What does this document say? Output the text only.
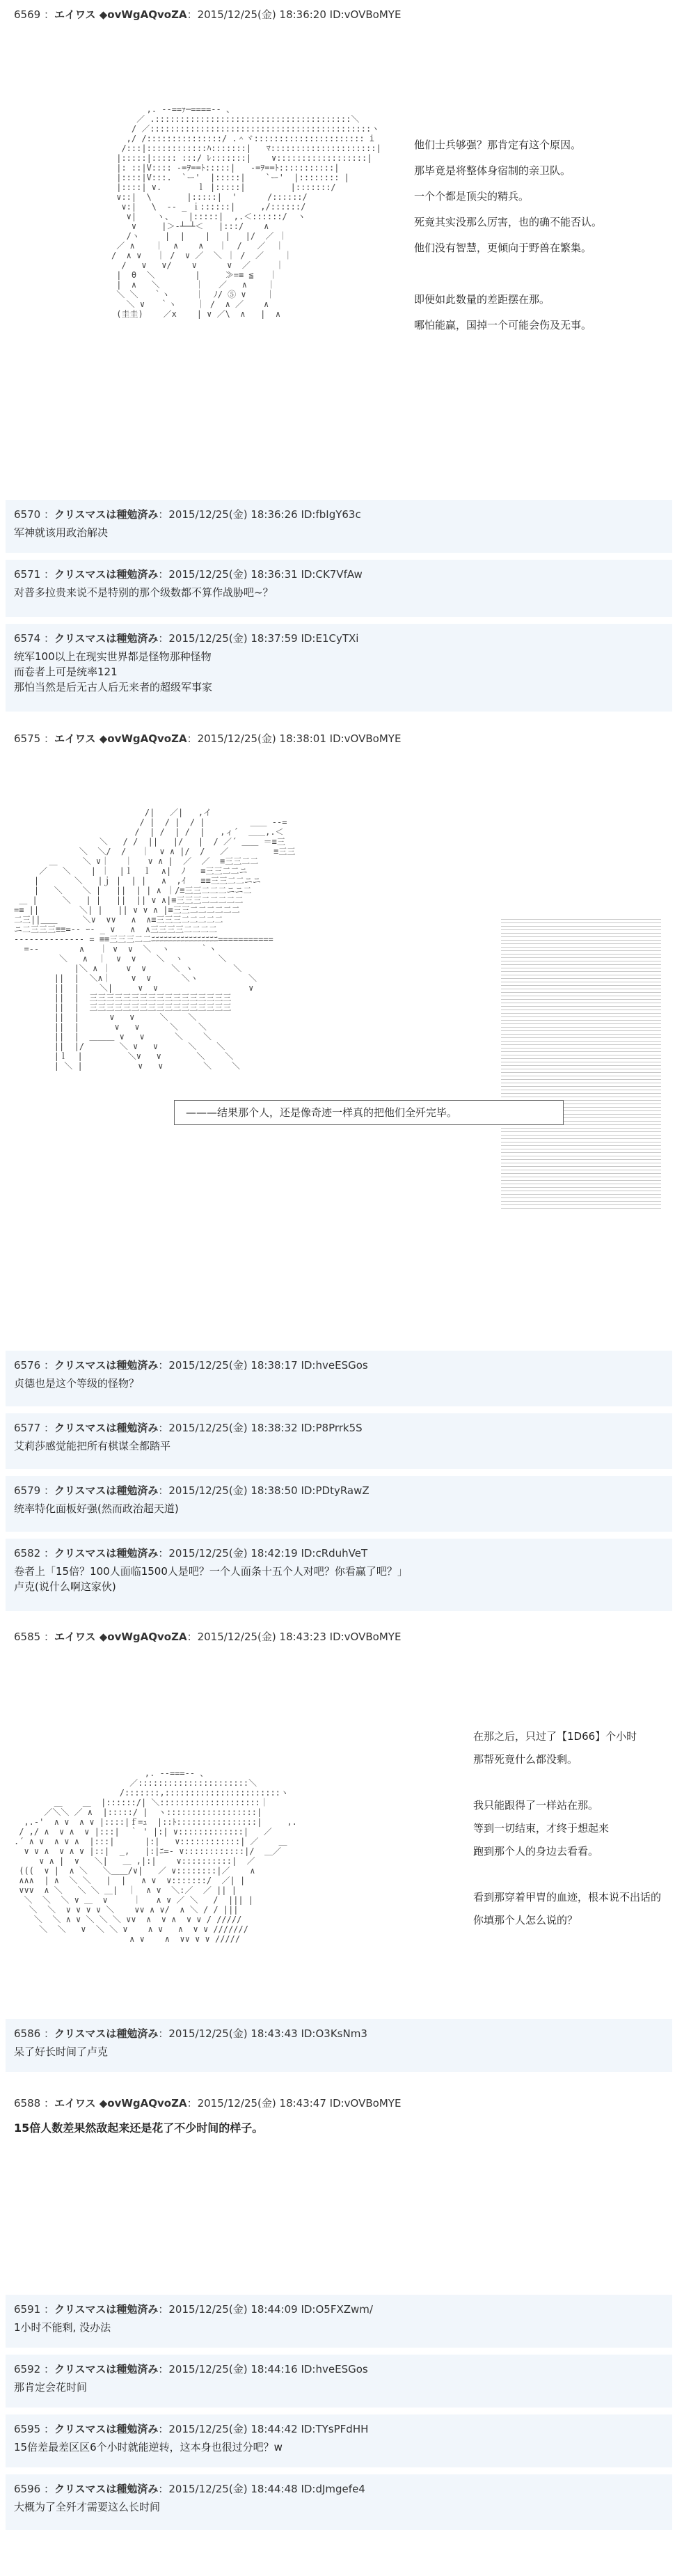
6569 ：エイワス ◆ovWgAQvoZA：2015/12/25(金) 18:36:20 ID:vOVBoMYE
,. -‐==ｧ─====‐- 、
／ .:::::::::::::::::::::::::::::::::::::::＼
/ ／::::::::::::::::::::::::::::::::::::::::::::ヽ
,/ /:::::::::::::::/ .＾ヾ:::::::::::::::::::::: i
/:::|::::::::::::ﾊ:::::::|   ﾏ:::::::::::::::::::::|
|:::::|::::: :::/ ﾚ:::::::|    ∨::::::::::::::::::|
|: ::|V:::: -=ｦ==ﾄ:::::|   -=ｦ==ﾄ:::::::::::|
|::::|V:::.  `ー'  |:::::|    `ー'  |:::::::: |
|::::| ∨.       ｌ |:::::|         |:::::::/
∨::|  \       |:::::|  '      /::::::/
∨:|   \  ‐- _ ｉ::::::|     ,/::::::/
∨|    ヽ、   |:::::|  ,.＜::::::/  ヽ
∨     |＞‐┴─┴＜   |:::/    ∧
/ヽ     |  |    |   |   |/  ／ ｜
／ ∧    ｜  ∧    ∧   ｜  /   ／  ｜
/  ∧ ∨   ｜ /  ∨ ／  ＼ ｜ /  ／    ｜
/   ∨   ∨/    ∨      ∨  ／     ｜
|  θ  ＼        |     ≫=≡ ≦   ｜
|  ∧   ＼       ｜   ／   ∧    ｜
＼ ＼   ｀ヽ     ｜  ﾉ/ ⑤ ∨    ｜
＼ ∨   ｀ヽ    ｜ /  ∧ ／    ∧
(圭圭)    ／x    | ∨ ／\  ∧   |  ∧
他们士兵够强？那肯定有这个原因。
那毕竟是将整体身宿制的亲卫队。
一个个都是顶尖的精兵。
死竟其实没那么厉害，也的确不能否认。
他们没有智慧，更倾向于野兽在繁集。

即便如此数量的差距摆在那。
哪怕能赢，国掉一个可能会伤及无事。
6570 ：クリスマスは種勉済み：2015/12/25(金) 18:36:26 ID:fbIgY63c
军神就该用政治解决
6571 ：クリスマスは種勉済み：2015/12/25(金) 18:36:31 ID:CK7VfAw
对普多拉贵来说不是特别的那个级数都不算作战胁吧~？
6574 ：クリスマスは種勉済み：2015/12/25(金) 18:37:59 ID:E1CyTXi
统军100以上在现实世界都是怪物那种怪物
而卷者上可是统率121
那怕当然是后无古人后无来者的超级军事家
6575 ：エイワス ◆ovWgAQvoZA：2015/12/25(金) 18:38:01 ID:vOVBoMYE
/|   ／|   ,イ
/ |  / |  / |         ＿＿ -‐=
/  | /  | /  |   ,ィ´  ＿＿,.＜
＼   / /  ||   |/   |  / ／´ ＿＿ ＝≡三
＼  ＼/  /   ｜  ∨ ∧ |/  /   ／         ≡三三
＿     ＼ ∨｜   ｜   ∨ ∧ |  ／  ／  ≡三三二二
／   ＼    | ｜  |ｌ  ｌ  ∧|  ﾉ   ≡三三二二ニ
|       ＼   |ｊ |  | |   ∧  ,ｲ   ≡≡三三二二ニニ
|   ＼    ＼ |   ||  | | ∧ ｜/≡三三二二二ニニ二
＿ |     ＼   | |   ||  || ∨ ∧|≡三三三二二二二二
=≡ ||        ＼| |   || ∨ ∨ ∧ |≡三三二二二二二二
二三||＿＿     ＼∨  ∨∨   ∧  ∧≡三三三二二二二二
ニ二三三三≡≡=-‐ ｰ- _ ∨   ∧  ∧三三三三二二二二
-------------- = ≡≡三三三二二ﾆﾆﾆﾆﾆﾆﾆﾆﾆﾆﾆﾆﾆﾆﾆﾆ===========
=-‐        ∧   ｜ ∨  ∨  ＼  ヽ      ｀ヽ
＼   ∧  ｜  ∨  ∨    ＼  ヽ       ＼
|＼ ∧ ｜   ∨  ∨     ＼ ヽ        ＼
||  |  ＼∧｜    ∨  ∨      ＼ヽ          ＼
||  |    ＼|     ∨  ∨                  ∨
||  |  三三三三三三三三三三三三三三三三三
||  |  三三三三三三三三三三三三三三三三三
||  |      ∨   ∨     ＼    ＼
||  |       ∨   ∨      ＼    ＼
||  |  ＿＿＿ ∨   ∨      ＼    ＼
||  |/       ＼ ∨   ∨      ＼    ＼
|ｌ  |         ＼∨   ∨       ＼    ＼
| ＼ |           ∨   ∨        ＼    ＼
———结果那个人，还是像奇迹一样真的把他们全歼完毕。
6576 ：クリスマスは種勉済み：2015/12/25(金) 18:38:17 ID:hveESGos
贞德也是这个等级的怪物？
6577 ：クリスマスは種勉済み：2015/12/25(金) 18:38:32 ID:P8Prrk5S
艾莉莎感觉能把所有棋谋全都踏平
6579 ：クリスマスは種勉済み：2015/12/25(金) 18:38:50 ID:PDtyRawZ
统率特化面板好强(然而政治超天道)
6582 ：クリスマスは種勉済み：2015/12/25(金) 18:42:19 ID:cRduhVeT
卷者上「15倍？100人面临1500人是吧？一个人面条十五个人对吧？你看赢了吧？」
卢克(说什么啊这家伙)
6585 ：エイワス ◆ovWgAQvoZA：2015/12/25(金) 18:43:23 ID:vOVBoMYE
,. -‐===‐- 、
／::::::::::::::::::::::＼
/:::::::,:::::::::::::::::::::::ヽ
＿    ＿  |::::::/| ＼::::::::::::::::::::｜
／＼＼ ／ ∧  |:::::/ |  ヽ::::::::::::::::::|
,.‐'  ∧ ∨  ∧ ∨ |::::|ｆ=ｭ  |::ﾄ::::::::::::::::|     ,.
/ ,/ ∧  ∨ ∧  ∨ |:::|  ｀ ' |:| ∨:::::::::::::|   ／
.´ ∧ ∨  ∧ ∨ ∧  |:::|      |:|   ∨::::::::::::| ／    ＿
∨ ∨ ∧  ∨ ∧ ∨ |::|  _,   |:|ﾆ=‐ ∨::::::::::::|/  ＿／
∨ ∧ |  ∨   ＼|   ＿ ,|:|    ∨::::::::::|  ／
(((  ∨ |  ∧ ＼   ＼＿＿/∨|   ／ ∨::::::::|／    ∧
∧∧∧  | ∧  ＼ ＼   |  |   ∧ ∨  ∨:::::::/  ／| |
∨∨∨  ∧ ＼   ＼ ＼ ＿|  ｜  ∧ ∨  ＼:／  ／ || |
＼  ＼  ＼ ∨ ＿  ∨     ｜   ∧ ∨ ／ ＼   /  ||| |
＼  ＼  ∨ ∨ ∨ ∨ ＼    ∨∨ ∧ ∨/  ∧ ＼ / / |||
＼  ＼ ∧ ∨ ＼ ＼ ＼ ∨∨  ∧  ∨ ∧  ∨ ∨ / /////
＼  ＼   ∨  ＼ ＼ ∨    ∧ ∨   ∧  ∨ ∨ ///////
∧ ∨    ∧  ∨∨ ∨ ∨ /////
在那之后，只过了【1D66】个小时
那帮死竟什么都没剩。

我只能跟得了一样站在那。
等到一切结束，才终于想起来
跑到那个人的身边去看看。

看到那穿着甲胄的血迹，根本说不出话的
你填那个人怎么说的？
6586 ：クリスマスは種勉済み：2015/12/25(金) 18:43:43 ID:O3KsNm3
呆了好长时间了卢克
6588 ：エイワス ◆ovWgAQvoZA：2015/12/25(金) 18:43:47 ID:vOVBoMYE
15倍人数差果然敌起来还是花了不少时间的样子。
6591 ：クリスマスは種勉済み：2015/12/25(金) 18:44:09 ID:O5FXZwm/
1小时不能剩, 没办法
6592 ：クリスマスは種勉済み：2015/12/25(金) 18:44:16 ID:hveESGos
那肯定会花时间
6595 ：クリスマスは種勉済み：2015/12/25(金) 18:44:42 ID:TYsPFdHH
15倍差最差区区6个小时就能逆转，这本身也很过分吧？w
6596 ：クリスマスは種勉済み：2015/12/25(金) 18:44:48 ID:dJmgefe4
大概为了全歼才需要这么长时间
